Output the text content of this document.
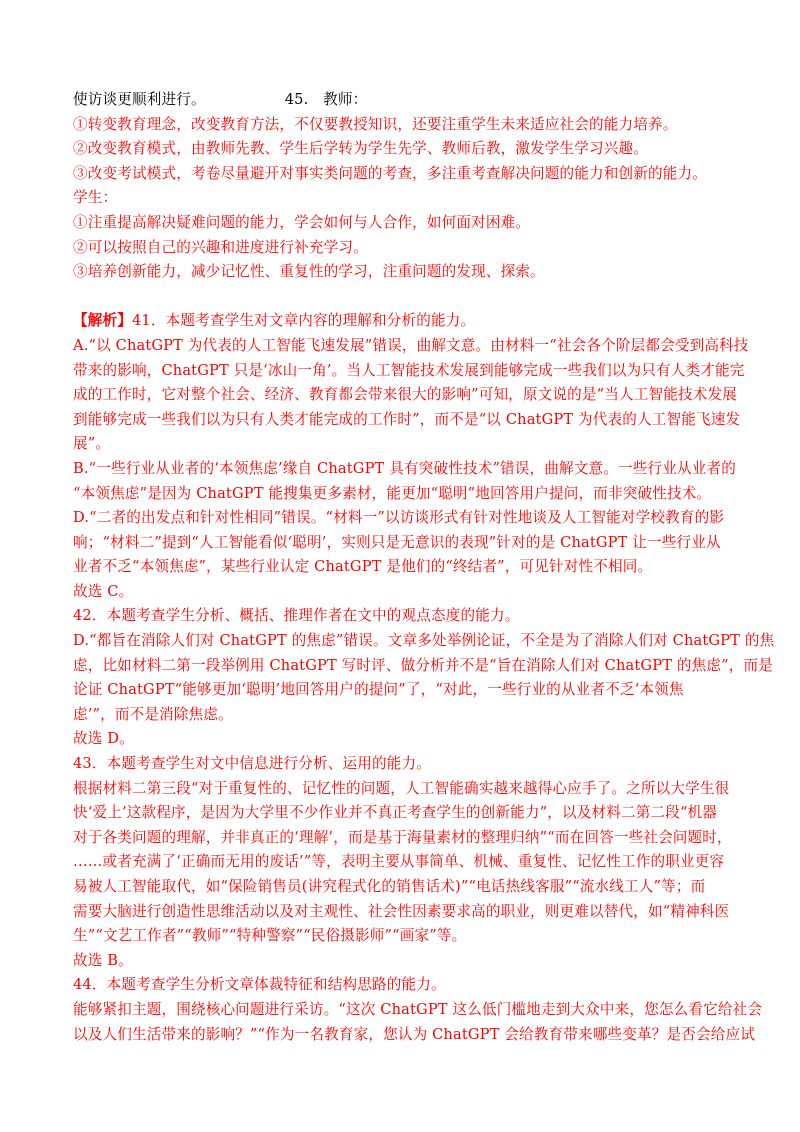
使访谈更顺利进行。	45.　教师：
①转变教育理念，改变教育方法，不仅要教授知识，还要注重学生未来适应社会的能力培养。
②改变教育模式，由教师先教、学生后学转为学生先学、教师后教，激发学生学习兴趣。
③改变考试模式，考卷尽量避开对事实类问题的考查，多注重考查解决问题的能力和创新的能力。
学生：
①注重提高解决疑难问题的能力，学会如何与人合作，如何面对困难。
②可以按照自己的兴趣和进度进行补充学习。
③培养创新能力，减少记忆性、重复性的学习，注重问题的发现、探索。
【解析】41．本题考查学生对文章内容的理解和分析的能力。
A.“以 ChatGPT 为代表的人工智能飞速发展”错误，曲解文意。由材料一“社会各个阶层都会受到高科技
带来的影响，ChatGPT 只是‘冰山一角’。当人工智能技术发展到能够完成一些我们以为只有人类才能完
成的工作时，它对整个社会、经济、教育都会带来很大的影响”可知，原文说的是“当人工智能技术发展
到能够完成一些我们以为只有人类才能完成的工作时”，而不是“以 ChatGPT 为代表的人工智能飞速发
展”。
B.“一些行业从业者的‘本领焦虑’缘自 ChatGPT 具有突破性技术”错误，曲解文意。一些行业从业者的
“本领焦虑”是因为 ChatGPT 能搜集更多素材，能更加“聪明”地回答用户提问，而非突破性技术。
D.“二者的出发点和针对性相同”错误。“材料一”以访谈形式有针对性地谈及人工智能对学校教育的影
响；“材料二”提到“人工智能看似‘聪明’，实则只是无意识的表现”针对的是 ChatGPT 让一些行业从
业者不乏“本领焦虑”，某些行业认定 ChatGPT 是他们的“终结者”，可见针对性不相同。
故选 C。
42．本题考查学生分析、概括、推理作者在文中的观点态度的能力。
D.“都旨在消除人们对 ChatGPT 的焦虑”错误。文章多处举例论证，不全是为了消除人们对 ChatGPT 的焦
虑，比如材料二第一段举例用 ChatGPT 写时评、做分析并不是“旨在消除人们对 ChatGPT 的焦虑”，而是
论证 ChatGPT“能够更加‘聪明’地回答用户的提问”了，“对此，一些行业的从业者不乏‘本领焦
虑’”，而不是消除焦虑。
故选 D。
43．本题考查学生对文中信息进行分析、运用的能力。
根据材料二第三段“对于重复性的、记忆性的问题，人工智能确实越来越得心应手了。之所以大学生很
快‘爱上’这款程序，是因为大学里不少作业并不真正考查学生的创新能力”，以及材料二第二段“机器
对于各类问题的理解，并非真正的‘理解’，而是基于海量素材的整理归纳”“而在回答一些社会问题时，
……或者充满了‘正确而无用的废话’”等，表明主要从事简单、机械、重复性、记忆性工作的职业更容
易被人工智能取代，如“保险销售员(讲究程式化的销售话术)”“电话热线客服”“流水线工人”等；而
需要大脑进行创造性思维活动以及对主观性、社会性因素要求高的职业，则更难以替代，如“精神科医
生”“文艺工作者”“教师”“特种警察”“民俗摄影师”“画家”等。
故选 B。
44．本题考查学生分析文章体裁特征和结构思路的能力。
能够紧扣主题，围绕核心问题进行采访。“这次 ChatGPT 这么低门槛地走到大众中来，您怎么看它给社会
以及人们生活带来的影响？”“作为一名教育家，您认为 ChatGPT 会给教育带来哪些变革？是否会给应试
